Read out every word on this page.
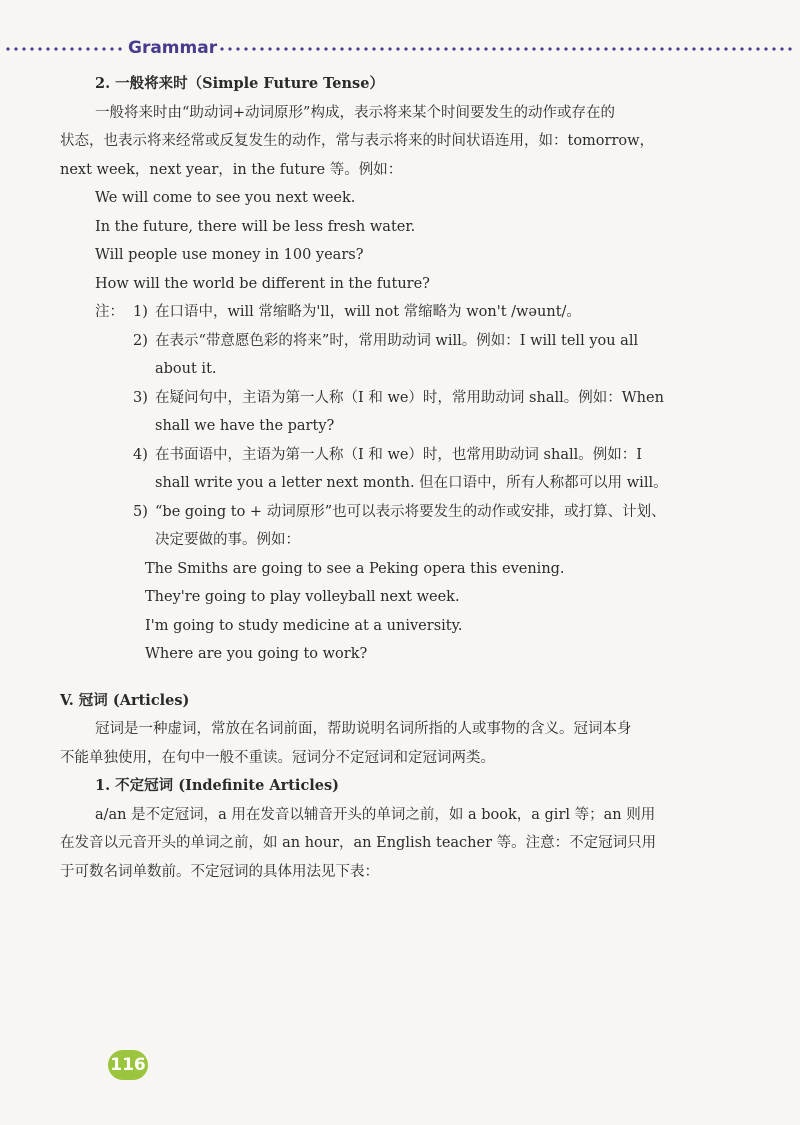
Grammar
2. 一般将来时（Simple Future Tense）
一般将来时由“助动词+动词原形”构成，表示将来某个时间要发生的动作或存在的
状态，也表示将来经常或反复发生的动作，常与表示将来的时间状语连用，如：tomorrow，
next week，next year，in the future 等。例如：
We will come to see you next week.
In the future, there will be less fresh water.
Will people use money in 100 years?
How will the world be different in the future?
注： 1) 在口语中，will 常缩略为'll，will not 常缩略为 won't /wəunt/。
2) 在表示“带意愿色彩的将来”时，常用助动词 will。例如：I will tell you all
about it.
3) 在疑问句中，主语为第一人称（I 和 we）时，常用助动词 shall。例如：When
shall we have the party?
4) 在书面语中，主语为第一人称（I 和 we）时，也常用助动词 shall。例如：I
shall write you a letter next month. 但在口语中，所有人称都可以用 will。
5) “be going to + 动词原形”也可以表示将要发生的动作或安排，或打算、计划、
决定要做的事。例如：
The Smiths are going to see a Peking opera this evening.
They're going to play volleyball next week.
I'm going to study medicine at a university.
Where are you going to work?
V. 冠词 (Articles)
冠词是一种虚词，常放在名词前面，帮助说明名词所指的人或事物的含义。冠词本身
不能单独使用，在句中一般不重读。冠词分不定冠词和定冠词两类。
1. 不定冠词 (Indefinite Articles)
a/an 是不定冠词，a 用在发音以辅音开头的单词之前，如 a book，a girl 等；an 则用
在发音以元音开头的单词之前，如 an hour，an English teacher 等。注意：不定冠词只用
于可数名词单数前。不定冠词的具体用法见下表：
116
